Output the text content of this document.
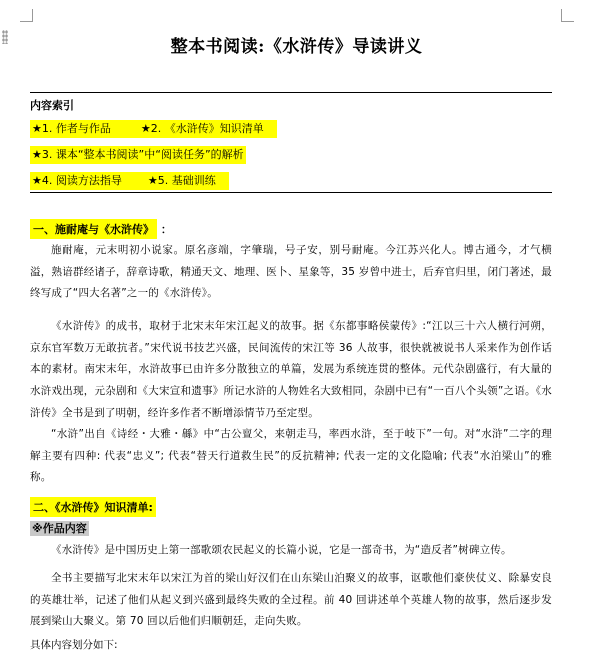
整本书阅读:《水浒传》导读讲义
内容索引
★1. 作者与作品	★2. 《水浒传》知识清单 
★3. 课本“整本书阅读”中“阅读任务”的解析
★4. 阅读方法指导 ★5. 基础训练 
一、施耐庵与《水浒传》 ：
施耐庵，元末明初小说家。原名彦端，字肇瑞，号子安，别号耐庵。今江苏兴化人。博古通今，才气横溢，熟谙群经诸子，辞章诗歌，精通天文、地理、医卜、星象等，35 岁曾中进士，后弃官归里，闭门著述，最终写成了“四大名著”之一的《水浒传》。
《水浒传》的成书，取材于北宋末年宋江起义的故事。据《东都事略侯蒙传》:“江以三十六人横行河朔，京东官军数万无敢抗者。”宋代说书技艺兴盛，民间流传的宋江等 36 人故事，很快就被说书人采来作为创作话本的素材。南宋末年，水浒故事已由许多分散独立的单篇，发展为系统连贯的整体。元代杂剧盛行，有大量的水浒戏出现，元杂剧和《大宋宣和遗事》所记水浒的人物姓名大致相同，杂剧中已有“一百八个头领”之语。《水浒传》全书是到了明朝，经许多作者不断增添情节乃至定型。
“水浒”出自《诗经・大雅・緜》中“古公亶父，来朝走马，率西水浒，至于岐下”一句。对“水浒”二字的理解主要有四种: 代表“忠义”; 代表“替天行道救生民”的反抗精神; 代表一定的文化隐喻; 代表“水泊梁山”的雅称。
二、《水浒传》知识清单:
※作品内容
《水浒传》是中国历史上第一部歌颂农民起义的长篇小说，它是一部奇书，为“造反者”树碑立传。
全书主要描写北宋末年以宋江为首的梁山好汉们在山东梁山泊聚义的故事，讴歌他们豪侠仗义、除暴安良的英雄壮举，记述了他们从起义到兴盛到最终失败的全过程。前 40 回讲述单个英雄人物的故事，然后逐步发展到梁山大聚义。第 70 回以后他们归顺朝廷，走向失败。
具体内容划分如下:
